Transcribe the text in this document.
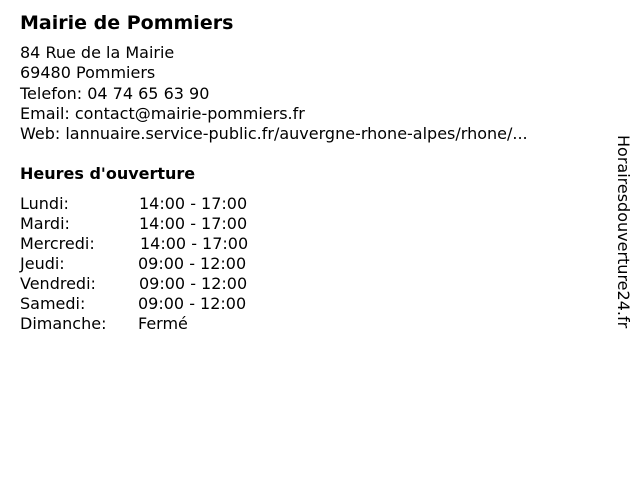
Mairie de Pommiers
84 Rue de la Mairie
69480 Pommiers
Telefon: 04 74 65 63 90
Email: contact@mairie-pommiers.fr
Web: lannuaire.service-public.fr/auvergne-rhone-alpes/rhone/...
Heures d'ouverture
Lundi:	14:00 - 17:00
Mardi:	14:00 - 17:00
Mercredi:	14:00 - 17:00
Jeudi:	09:00 - 12:00
Vendredi:	09:00 - 12:00
Samedi:	09:00 - 12:00
Dimanche: Fermé	Horairesdouverture24.fr
